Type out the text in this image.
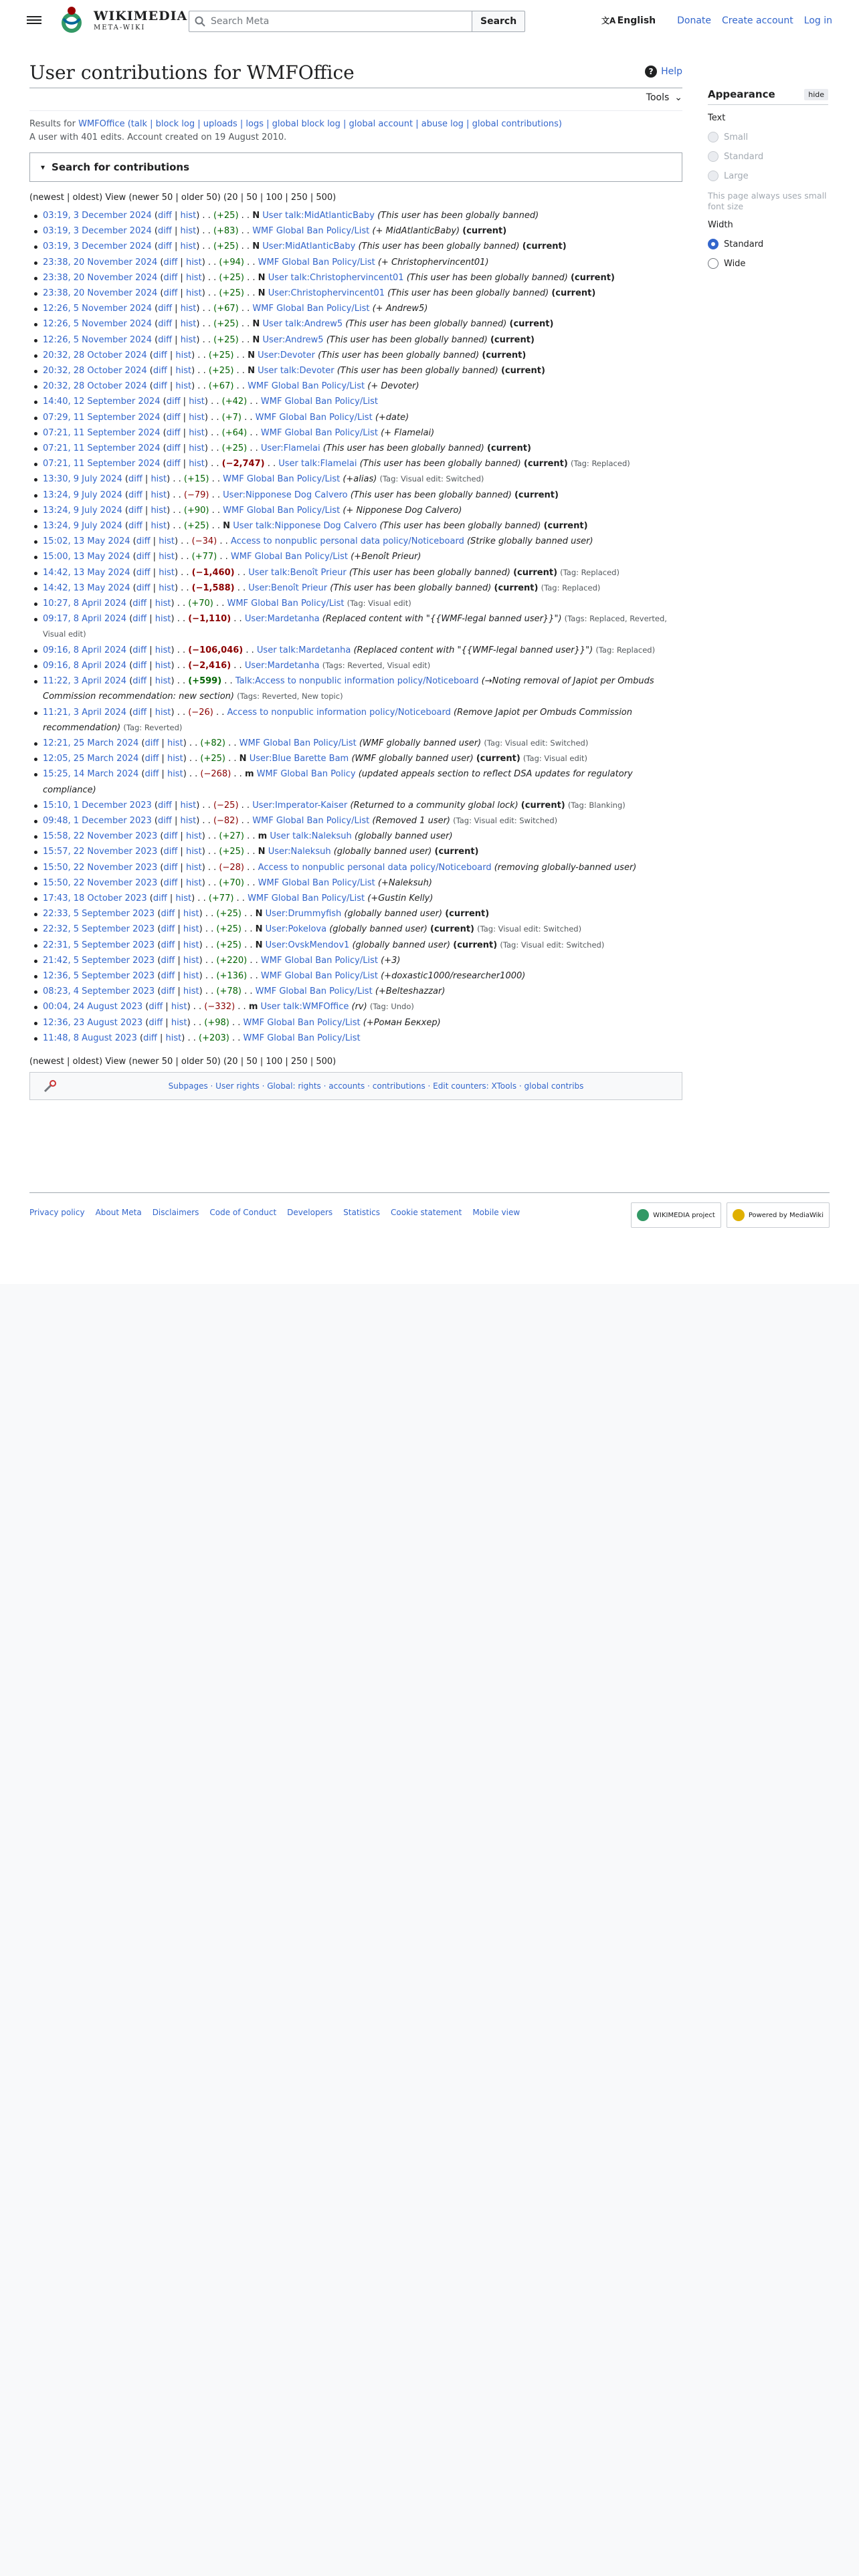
WIKIMEDIA
META-WIKI
Search Meta	Search	文A English Donate Create account Log in
User contributions for WMFOffice	? Help
Tools ⌄
Results for WMFOffice (talk | block log | uploads | logs | global block log | global account | abuse log | global contributions)
A user with 401 edits. Account created on 19 August 2010.
▾ Search for contributions
(newest | oldest) View (newer 50 | older 50) (20 | 50 | 100 | 250 | 500)
03:19, 3 December 2024 (diff | hist) . . (+25) . . N User talk:MidAtlanticBaby (This user has been globally banned)
03:19, 3 December 2024 (diff | hist) . . (+83) . . WMF Global Ban Policy/List (+ MidAtlanticBaby) (current)
03:19, 3 December 2024 (diff | hist) . . (+25) . . N User:MidAtlanticBaby (This user has been globally banned) (current)
23:38, 20 November 2024 (diff | hist) . . (+94) . . WMF Global Ban Policy/List (+ Christophervincent01)
23:38, 20 November 2024 (diff | hist) . . (+25) . . N User talk:Christophervincent01 (This user has been globally banned) (current)
23:38, 20 November 2024 (diff | hist) . . (+25) . . N User:Christophervincent01 (This user has been globally banned) (current)
12:26, 5 November 2024 (diff | hist) . . (+67) . . WMF Global Ban Policy/List (+ Andrew5)
12:26, 5 November 2024 (diff | hist) . . (+25) . . N User talk:Andrew5 (This user has been globally banned) (current)
12:26, 5 November 2024 (diff | hist) . . (+25) . . N User:Andrew5 (This user has been globally banned) (current)
20:32, 28 October 2024 (diff | hist) . . (+25) . . N User:Devoter (This user has been globally banned) (current)
20:32, 28 October 2024 (diff | hist) . . (+25) . . N User talk:Devoter (This user has been globally banned) (current)
20:32, 28 October 2024 (diff | hist) . . (+67) . . WMF Global Ban Policy/List (+ Devoter)
14:40, 12 September 2024 (diff | hist) . . (+42) . . WMF Global Ban Policy/List
07:29, 11 September 2024 (diff | hist) . . (+7) . . WMF Global Ban Policy/List (+date)
07:21, 11 September 2024 (diff | hist) . . (+64) . . WMF Global Ban Policy/List (+ Flamelai)
07:21, 11 September 2024 (diff | hist) . . (+25) . . User:Flamelai (This user has been globally banned) (current)
07:21, 11 September 2024 (diff | hist) . . (−2,747) . . User talk:Flamelai (This user has been globally banned) (current) (Tag: Replaced)
13:30, 9 July 2024 (diff | hist) . . (+15) . . WMF Global Ban Policy/List (+alias) (Tag: Visual edit: Switched)
13:24, 9 July 2024 (diff | hist) . . (−79) . . User:Nipponese Dog Calvero (This user has been globally banned) (current)
13:24, 9 July 2024 (diff | hist) . . (+90) . . WMF Global Ban Policy/List (+ Nipponese Dog Calvero)
13:24, 9 July 2024 (diff | hist) . . (+25) . . N User talk:Nipponese Dog Calvero (This user has been globally banned) (current)
15:02, 13 May 2024 (diff | hist) . . (−34) . . Access to nonpublic personal data policy/Noticeboard (Strike globally banned user)
15:00, 13 May 2024 (diff | hist) . . (+77) . . WMF Global Ban Policy/List (+Benoît Prieur)
14:42, 13 May 2024 (diff | hist) . . (−1,460) . . User talk:Benoît Prieur (This user has been globally banned) (current) (Tag: Replaced)
14:42, 13 May 2024 (diff | hist) . . (−1,588) . . User:Benoît Prieur (This user has been globally banned) (current) (Tag: Replaced)
10:27, 8 April 2024 (diff | hist) . . (+70) . . WMF Global Ban Policy/List (Tag: Visual edit)
09:17, 8 April 2024 (diff | hist) . . (−1,110) . . User:Mardetanha (Replaced content with "{{WMF-legal banned user}}") (Tags: Replaced, Reverted, Visual edit)
09:16, 8 April 2024 (diff | hist) . . (−106,046) . . User talk:Mardetanha (Replaced content with "{{WMF-legal banned user}}") (Tag: Replaced)
09:16, 8 April 2024 (diff | hist) . . (−2,416) . . User:Mardetanha (Tags: Reverted, Visual edit)
11:22, 3 April 2024 (diff | hist) . . (+599) . . Talk:Access to nonpublic information policy/Noticeboard (→Noting removal of Japiot per Ombuds Commission recommendation: new section) (Tags: Reverted, New topic)
11:21, 3 April 2024 (diff | hist) . . (−26) . . Access to nonpublic information policy/Noticeboard (Remove Japiot per Ombuds Commission recommendation) (Tag: Reverted)
12:21, 25 March 2024 (diff | hist) . . (+82) . . WMF Global Ban Policy/List (WMF globally banned user) (Tag: Visual edit: Switched)
12:05, 25 March 2024 (diff | hist) . . (+25) . . N User:Blue Barette Bam (WMF globally banned user) (current) (Tag: Visual edit)
15:25, 14 March 2024 (diff | hist) . . (−268) . . m WMF Global Ban Policy (updated appeals section to reflect DSA updates for regulatory compliance)
15:10, 1 December 2023 (diff | hist) . . (−25) . . User:Imperator-Kaiser (Returned to a community global lock) (current) (Tag: Blanking)
09:48, 1 December 2023 (diff | hist) . . (−82) . . WMF Global Ban Policy/List (Removed 1 user) (Tag: Visual edit: Switched)
15:58, 22 November 2023 (diff | hist) . . (+27) . . m User talk:Naleksuh (globally banned user)
15:57, 22 November 2023 (diff | hist) . . (+25) . . N User:Naleksuh (globally banned user) (current)
15:50, 22 November 2023 (diff | hist) . . (−28) . . Access to nonpublic personal data policy/Noticeboard (removing globally-banned user)
15:50, 22 November 2023 (diff | hist) . . (+70) . . WMF Global Ban Policy/List (+Naleksuh)
17:43, 18 October 2023 (diff | hist) . . (+77) . . WMF Global Ban Policy/List (+Gustin Kelly)
22:33, 5 September 2023 (diff | hist) . . (+25) . . N User:Drummyfish (globally banned user) (current)
22:32, 5 September 2023 (diff | hist) . . (+25) . . N User:Pokelova (globally banned user) (current) (Tag: Visual edit: Switched)
22:31, 5 September 2023 (diff | hist) . . (+25) . . N User:OvskMendov1 (globally banned user) (current) (Tag: Visual edit: Switched)
21:42, 5 September 2023 (diff | hist) . . (+220) . . WMF Global Ban Policy/List (+3)
12:36, 5 September 2023 (diff | hist) . . (+136) . . WMF Global Ban Policy/List (+doxastic1000/researcher1000)
08:23, 4 September 2023 (diff | hist) . . (+78) . . WMF Global Ban Policy/List (+Belteshazzar)
00:04, 24 August 2023 (diff | hist) . . (−332) . . m User talk:WMFOffice (rv) (Tag: Undo)
12:36, 23 August 2023 (diff | hist) . . (+98) . . WMF Global Ban Policy/List (+Роман Бекхер)
11:48, 8 August 2023 (diff | hist) . . (+203) . . WMF Global Ban Policy/List
(newest | oldest) View (newer 50 | older 50) (20 | 50 | 100 | 250 | 500)
Subpages · User rights · Global: rights · accounts · contributions · Edit counters: XTools · global contribs
Appearance	hide
Text
Small
Standard
Large
This page always uses small font size
Width
Standard
Wide
Privacy policy About Meta Disclaimers Code of Conduct Developers Statistics Cookie statement Mobile view	WIKIMEDIA project	Powered by MediaWiki
